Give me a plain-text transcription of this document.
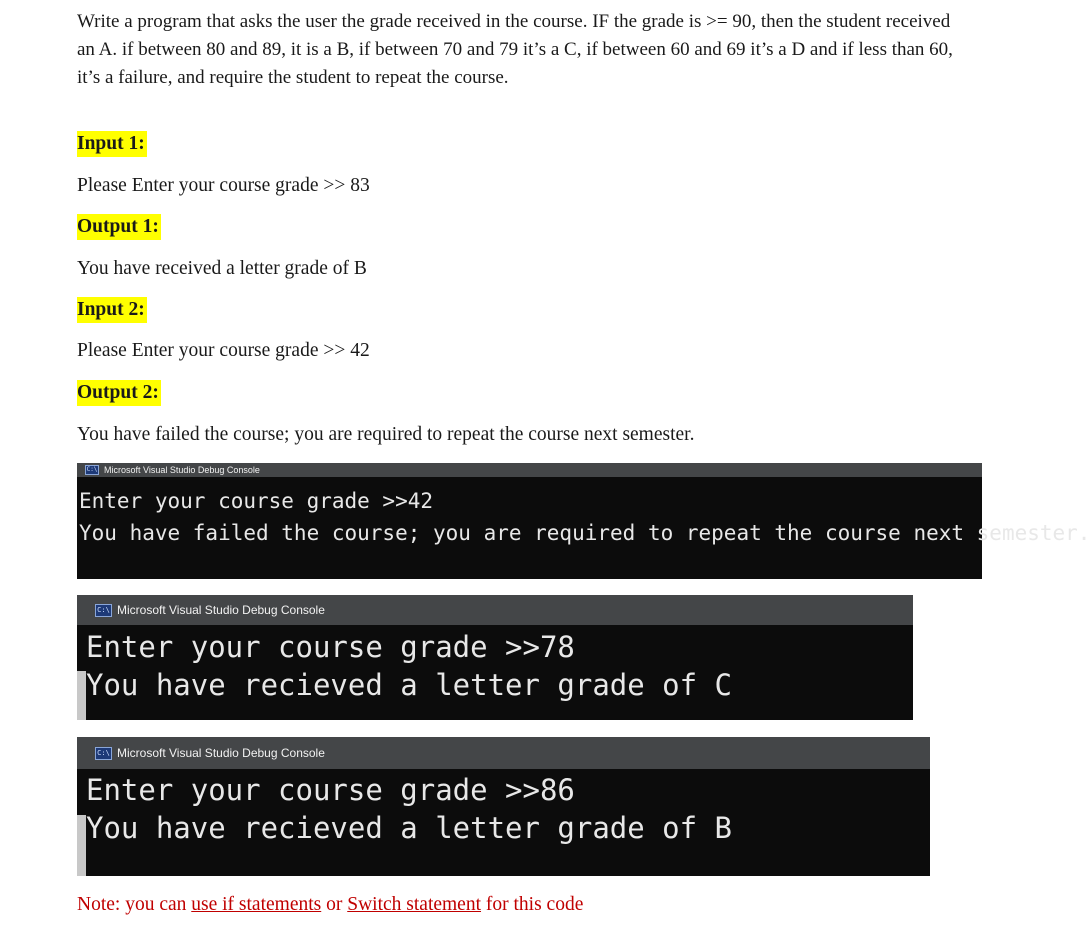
Write a program that asks the user the grade received in the course. IF the grade is >= 90, then the student received an A. if between 80 and 89, it is a B, if between 70 and 79 it’s a C, if between 60 and 69 it’s a D and if less than 60, it’s a failure, and require the student to repeat the course.

Input 1:
Please Enter your course grade >> 83
Output 1:
You have received a letter grade of B
Input 2:
Please Enter your course grade >> 42
Output 2:
You have failed the course; you are required to repeat the course next semester.
C:\ Microsoft Visual Studio Debug Console
Enter your course grade >>42
You have failed the course; you are required to repeat the course next semester.
C:\ Microsoft Visual Studio Debug Console
Enter your course grade >>78
You have recieved a letter grade of C
C:\ Microsoft Visual Studio Debug Console
Enter your course grade >>86
You have recieved a letter grade of B
Note: you can use if statements or Switch statement for this code
